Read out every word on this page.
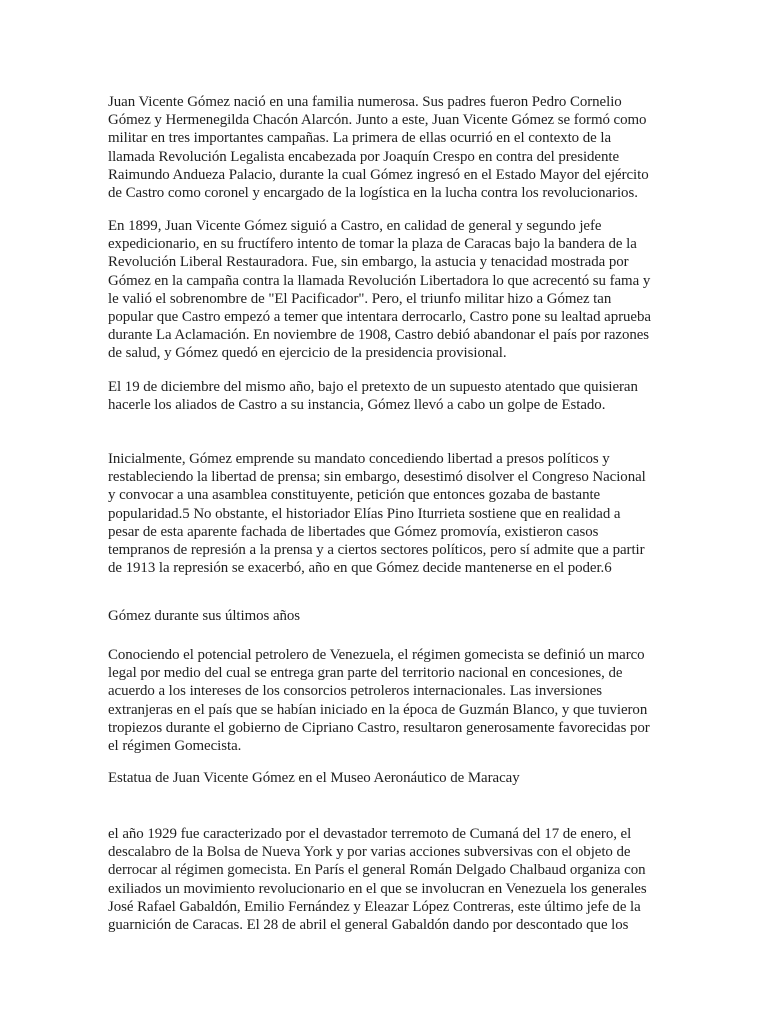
Juan Vicente Gómez nació en una familia numerosa. Sus padres fueron Pedro Cornelio
Gómez y Hermenegilda Chacón Alarcón. Junto a este, Juan Vicente Gómez se formó como
militar en tres importantes campañas. La primera de ellas ocurrió en el contexto de la
llamada Revolución Legalista encabezada por Joaquín Crespo en contra del presidente
Raimundo Andueza Palacio, durante la cual Gómez ingresó en el Estado Mayor del ejército
de Castro como coronel y encargado de la logística en la lucha contra los revolucionarios.
En 1899, Juan Vicente Gómez siguió a Castro, en calidad de general y segundo jefe
expedicionario, en su fructífero intento de tomar la plaza de Caracas bajo la bandera de la
Revolución Liberal Restauradora. Fue, sin embargo, la astucia y tenacidad mostrada por
Gómez en la campaña contra la llamada Revolución Libertadora lo que acrecentó su fama y
le valió el sobrenombre de "El Pacificador". Pero, el triunfo militar hizo a Gómez tan
popular que Castro empezó a temer que intentara derrocarlo, Castro pone su lealtad aprueba
durante La Aclamación. En noviembre de 1908, Castro debió abandonar el país por razones
de salud, y Gómez quedó en ejercicio de la presidencia provisional.
El 19 de diciembre del mismo año, bajo el pretexto de un supuesto atentado que quisieran
hacerle los aliados de Castro a su instancia, Gómez llevó a cabo un golpe de Estado.
Inicialmente, Gómez emprende su mandato concediendo libertad a presos políticos y
restableciendo la libertad de prensa; sin embargo, desestimó disolver el Congreso Nacional
y convocar a una asamblea constituyente, petición que entonces gozaba de bastante
popularidad.5 No obstante, el historiador Elías Pino Iturrieta sostiene que en realidad a
pesar de esta aparente fachada de libertades que Gómez promovía, existieron casos
tempranos de represión a la prensa y a ciertos sectores políticos, pero sí admite que a partir
de 1913 la represión se exacerbó, año en que Gómez decide mantenerse en el poder.6
Gómez durante sus últimos años
Conociendo el potencial petrolero de Venezuela, el régimen gomecista se definió un marco
legal por medio del cual se entrega gran parte del territorio nacional en concesiones, de
acuerdo a los intereses de los consorcios petroleros internacionales. Las inversiones
extranjeras en el país que se habían iniciado en la época de Guzmán Blanco, y que tuvieron
tropiezos durante el gobierno de Cipriano Castro, resultaron generosamente favorecidas por
el régimen Gomecista.
Estatua de Juan Vicente Gómez en el Museo Aeronáutico de Maracay
el año 1929 fue caracterizado por el devastador terremoto de Cumaná del 17 de enero, el
descalabro de la Bolsa de Nueva York y por varias acciones subversivas con el objeto de
derrocar al régimen gomecista. En París el general Román Delgado Chalbaud organiza con
exiliados un movimiento revolucionario en el que se involucran en Venezuela los generales
José Rafael Gabaldón, Emilio Fernández y Eleazar López Contreras, este último jefe de la
guarnición de Caracas. El 28 de abril el general Gabaldón dando por descontado que los
